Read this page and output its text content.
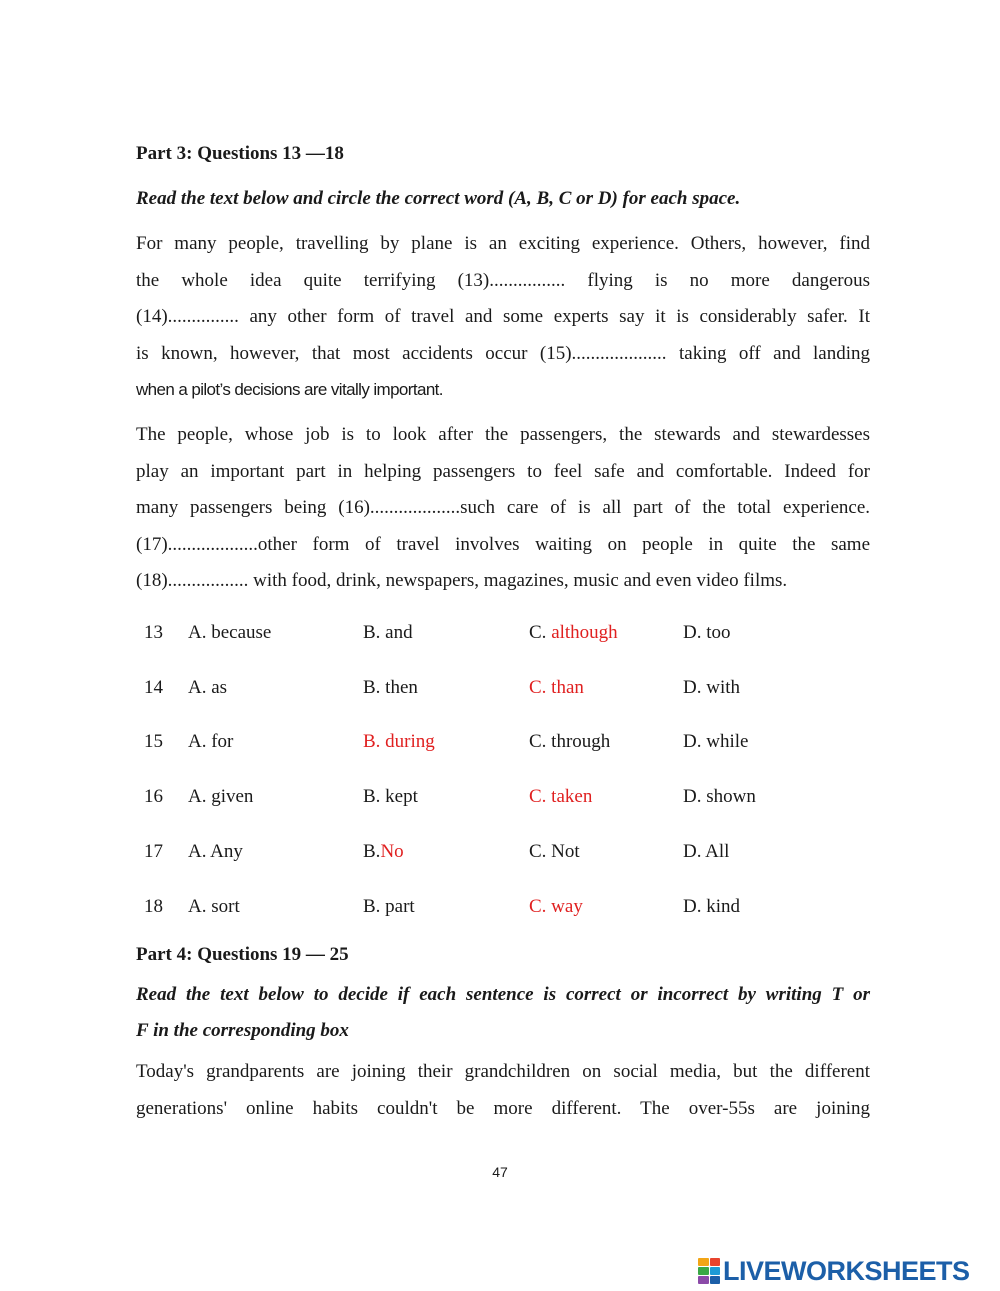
Part 3: Questions 13 —18

Read the text below and circle the correct word (A, B, C or D) for each space.

For many people, travelling by plane is an exciting experience. Others, however, find
the whole idea quite terrifying (13)................ flying is no more dangerous
(14)............... any other form of travel and some experts say it is considerably safer. It
is known, however, that most accidents occur (15).................... taking off and landing
when a pilot’s decisions are vitally important.
The people, whose job is to look after the passengers, the stewards and stewardesses
play an important part in helping passengers to feel safe and comfortable. Indeed for
many passengers being (16)...................such care of is all part of the total experience.
(17)...................other form of travel involves waiting on people in quite the same
(18)................. with food, drink, newspapers, magazines, music and even video films.
13 A. because	B. and	C. although	D. too
14 A. as	B. then	C. than	D. with
15 A. for	B. during	C. through	D. while
16 A. given	B. kept	C. taken	D. shown
17 A. Any	B.No	C. Not	D. All
18 A. sort	B. part	C. way	D. kind

Part 4: Questions 19 — 25

Read the text below to decide if each sentence is correct or incorrect by writing T or
F in the corresponding box
Today's grandparents are joining their grandchildren on social media, but the different
generations' online habits couldn't be more different. The over-55s are joining
47
LIVEWORKSHEETS
